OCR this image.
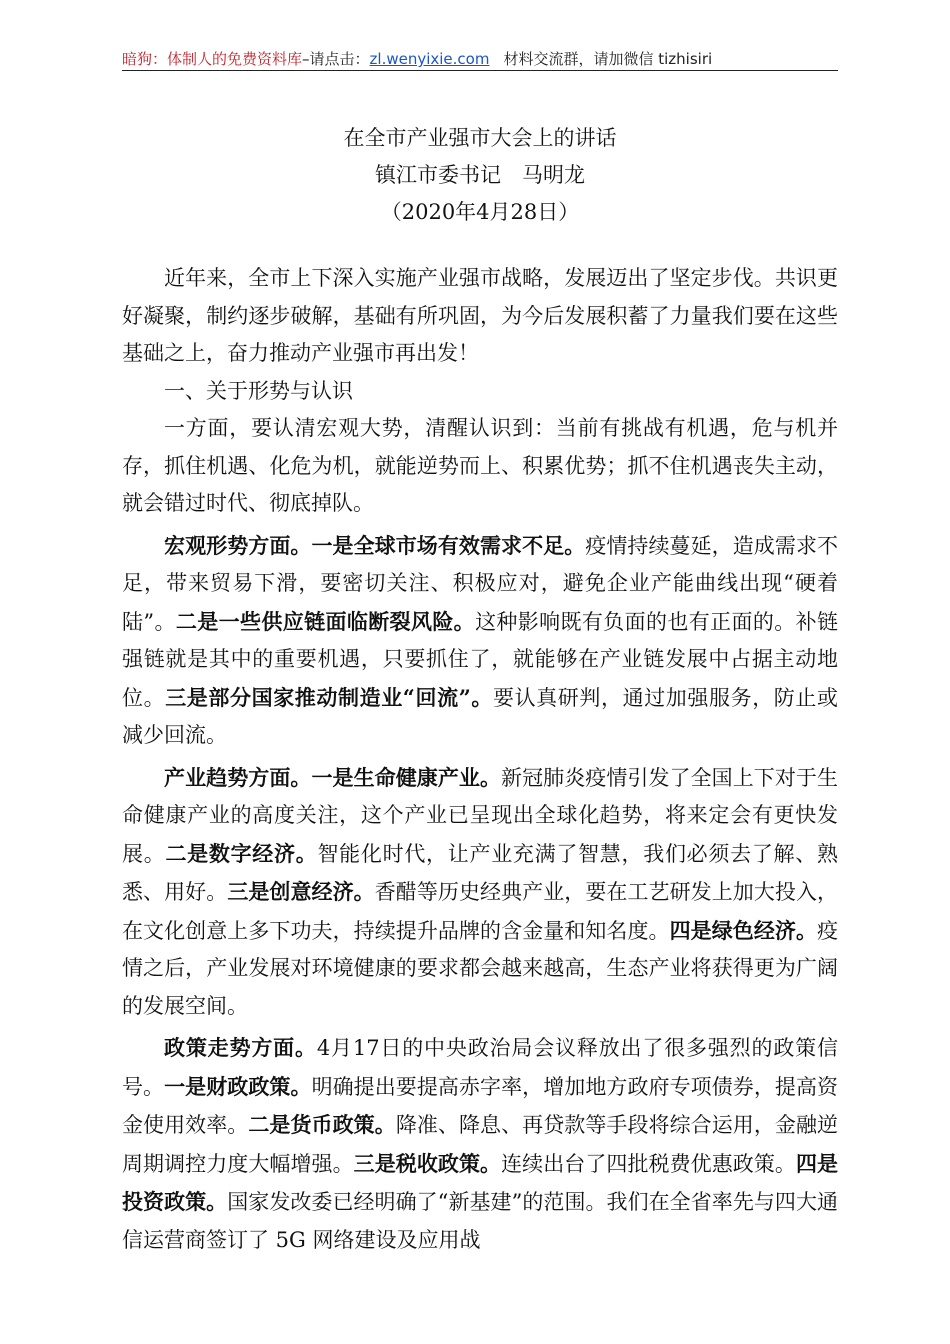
暗狗：体制人的免费资料库–请点击：zl.wenyixie.com 材料交流群，请加微信 tizhisiri
在全市产业强市大会上的讲话
镇江市委书记　马明龙
（2020年4月28日）

近年来，全市上下深入实施产业强市战略，发展迈出了坚定步伐。共识更好凝聚，制约逐步破解，基础有所巩固，为今后发展积蓄了力量我们要在这些基础之上，奋力推动产业强市再出发！

一、关于形势与认识

一方面，要认清宏观大势，清醒认识到：当前有挑战有机遇，危与机并存，抓住机遇、化危为机，就能逆势而上、积累优势；抓不住机遇丧失主动，就会错过时代、彻底掉队。

宏观形势方面。一是全球市场有效需求不足。疫情持续蔓延，造成需求不足，带来贸易下滑，要密切关注、积极应对，避免企业产能曲线出现“硬着陆”。二是一些供应链面临断裂风险。这种影响既有负面的也有正面的。补链强链就是其中的重要机遇，只要抓住了，就能够在产业链发展中占据主动地位。三是部分国家推动制造业“回流”。要认真研判，通过加强服务，防止或减少回流。

产业趋势方面。一是生命健康产业。新冠肺炎疫情引发了全国上下对于生命健康产业的高度关注，这个产业已呈现出全球化趋势，将来定会有更快发展。二是数字经济。智能化时代，让产业充满了智慧，我们必须去了解、熟悉、用好。三是创意经济。香醋等历史经典产业，要在工艺研发上加大投入，在文化创意上多下功夫，持续提升品牌的含金量和知名度。四是绿色经济。疫情之后，产业发展对环境健康的要求都会越来越高，生态产业将获得更为广阔的发展空间。

政策走势方面。4月17日的中央政治局会议释放出了很多强烈的政策信号。一是财政政策。明确提出要提高赤字率，增加地方政府专项债券，提高资金使用效率。二是货币政策。降准、降息、再贷款等手段将综合运用，金融逆周期调控力度大幅增强。三是税收政策。连续出台了四批税费优惠政策。四是投资政策。国家发改委已经明确了“新基建”的范围。我们在全省率先与四大通信运营商签订了 5G 网络建设及应用战
